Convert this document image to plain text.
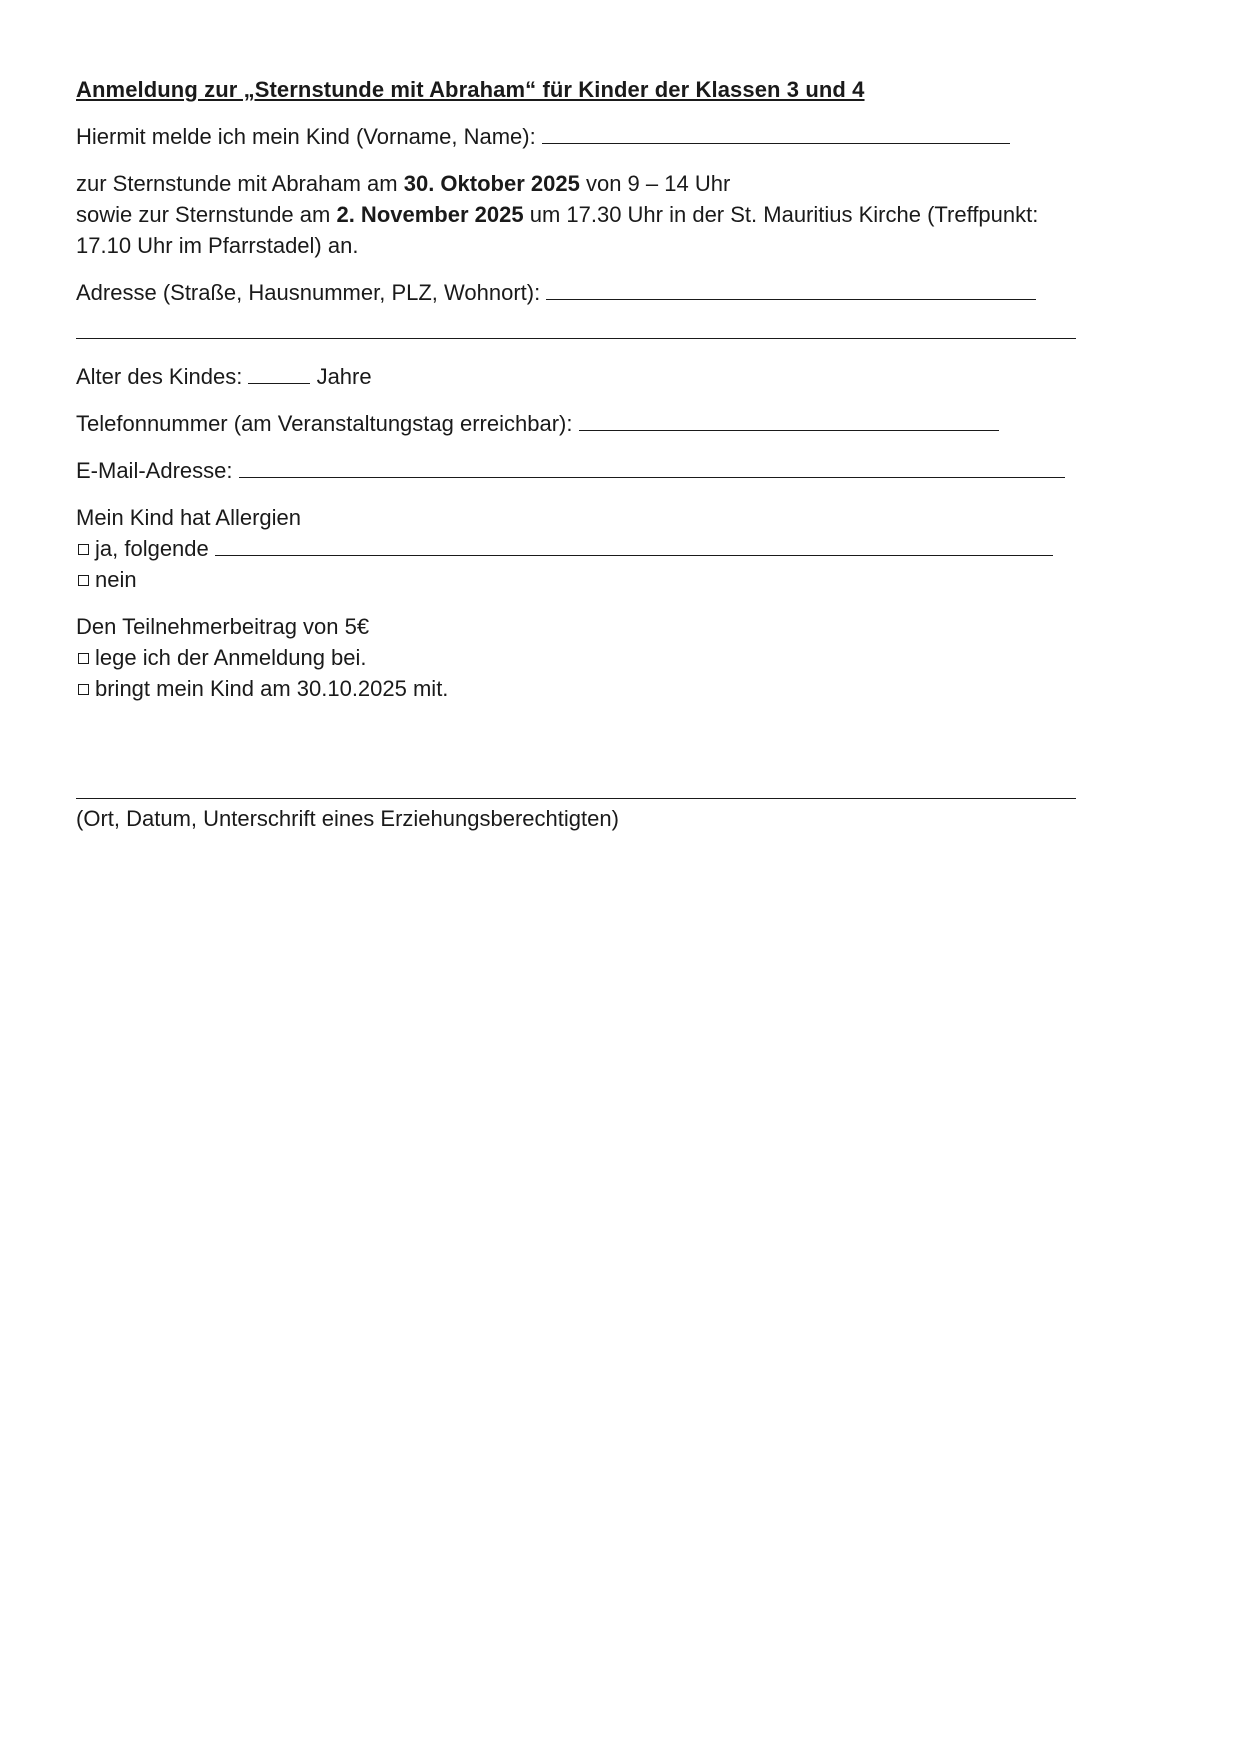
Anmeldung zur „Sternstunde mit Abraham“ für Kinder der Klassen 3 und 4
Hiermit melde ich mein Kind (Vorname, Name):
zur Sternstunde mit Abraham am 30. Oktober 2025 von 9 – 14 Uhr
sowie zur Sternstunde am 2. November 2025 um 17.30 Uhr in der St. Mauritius Kirche (Treffpunkt:
17.10 Uhr im Pfarrstadel) an.
Adresse (Straße, Hausnummer, PLZ, Wohnort):
Alter des Kindes:	Jahre
Telefonnummer (am Veranstaltungstag erreichbar):
E-Mail-Adresse:
Mein Kind hat Allergien
ja, folgende
nein
Den Teilnehmerbeitrag von 5€
lege ich der Anmeldung bei.
bringt mein Kind am 30.10.2025 mit.
(Ort, Datum, Unterschrift eines Erziehungsberechtigten)
